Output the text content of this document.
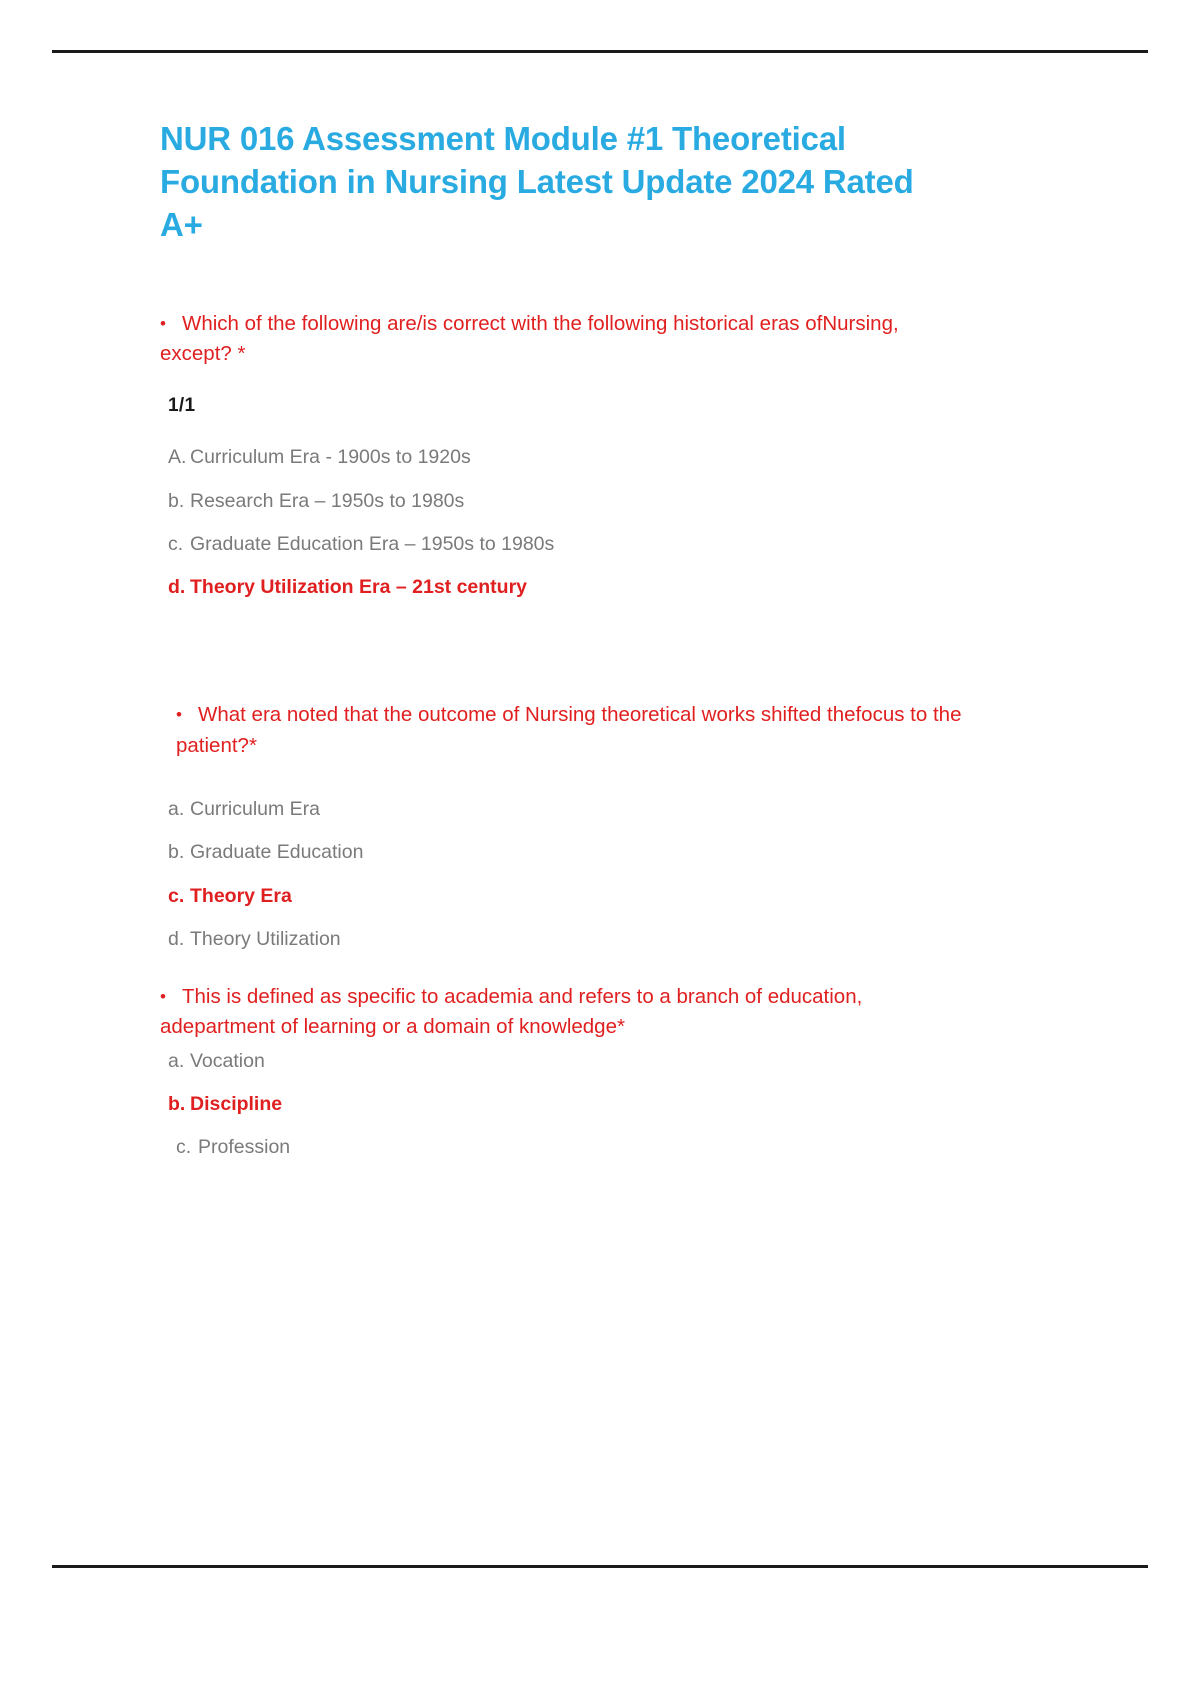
NUR 016 Assessment Module #1 Theoretical Foundation in Nursing Latest Update 2024 Rated A+

• Which of the following are/is correct with the following historical eras ofNursing, except? *

1/1
A. Curriculum Era - 1900s to 1920s
b. Research Era – 1950s to 1980s
c. Graduate Education Era – 1950s to 1980s
d. Theory Utilization Era – 21st century

• What era noted that the outcome of Nursing theoretical works shifted thefocus to the patient?*

a. Curriculum Era
b. Graduate Education
c. Theory Era
d. Theory Utilization

• This is defined as specific to academia and refers to a branch of education, adepartment of learning or a domain of knowledge*

a. Vocation
b. Discipline
c. Profession
